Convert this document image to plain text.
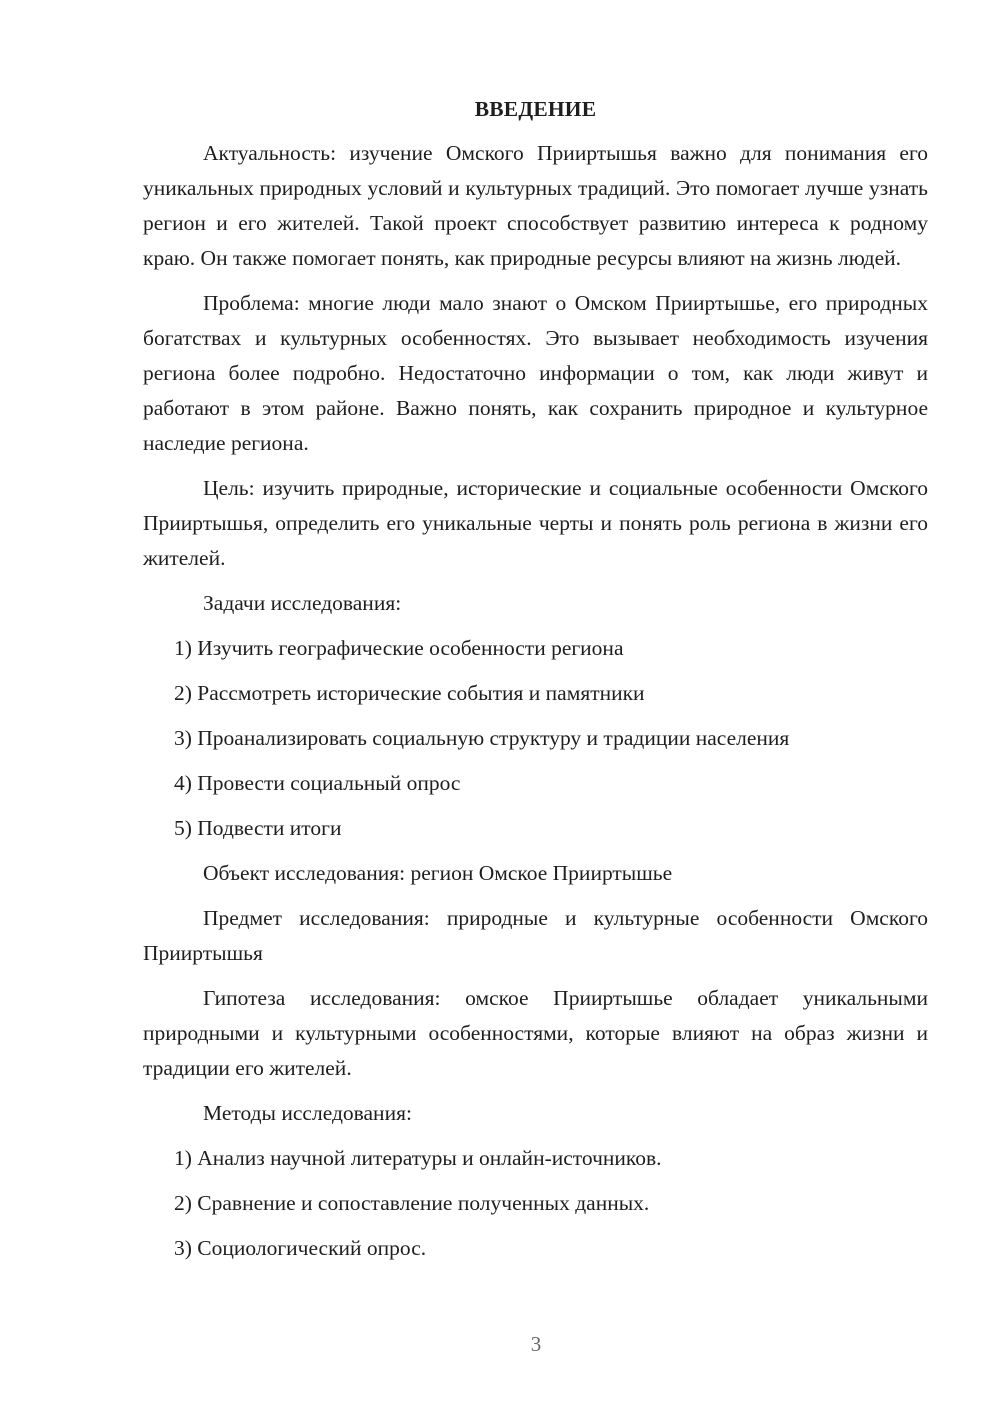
ВВЕДЕНИЕ

Актуальность: изучение Омского Прииртышья важно для понимания его уникальных природных условий и культурных традиций. Это помогает лучше узнать регион и его жителей. Такой проект способствует развитию интереса к родному краю. Он также помогает понять, как природные ресурсы влияют на жизнь людей.

Проблема: многие люди мало знают о Омском Прииртышье, его природных богатствах и культурных особенностях. Это вызывает необходимость изучения региона более подробно. Недостаточно информации о том, как люди живут и работают в этом районе. Важно понять, как сохранить природное и культурное наследие региона.

Цель: изучить природные, исторические и социальные особенности Омского Прииртышья, определить его уникальные черты и понять роль региона в жизни его жителей.

Задачи исследования:

1) Изучить географические особенности региона
2) Рассмотреть исторические события и памятники
3) Проанализировать социальную структуру и традиции населения
4) Провести социальный опрос
5) Подвести итоги

Объект исследования: регион Омское Прииртышье

Предмет исследования: природные и культурные особенности Омского Прииртышья

Гипотеза исследования: омское Прииртышье обладает уникальными природными и культурными особенностями, которые влияют на образ жизни и традиции его жителей.

Методы исследования:

1) Анализ научной литературы и онлайн-источников.
2) Сравнение и сопоставление полученных данных.
3) Социологический опрос.
3
